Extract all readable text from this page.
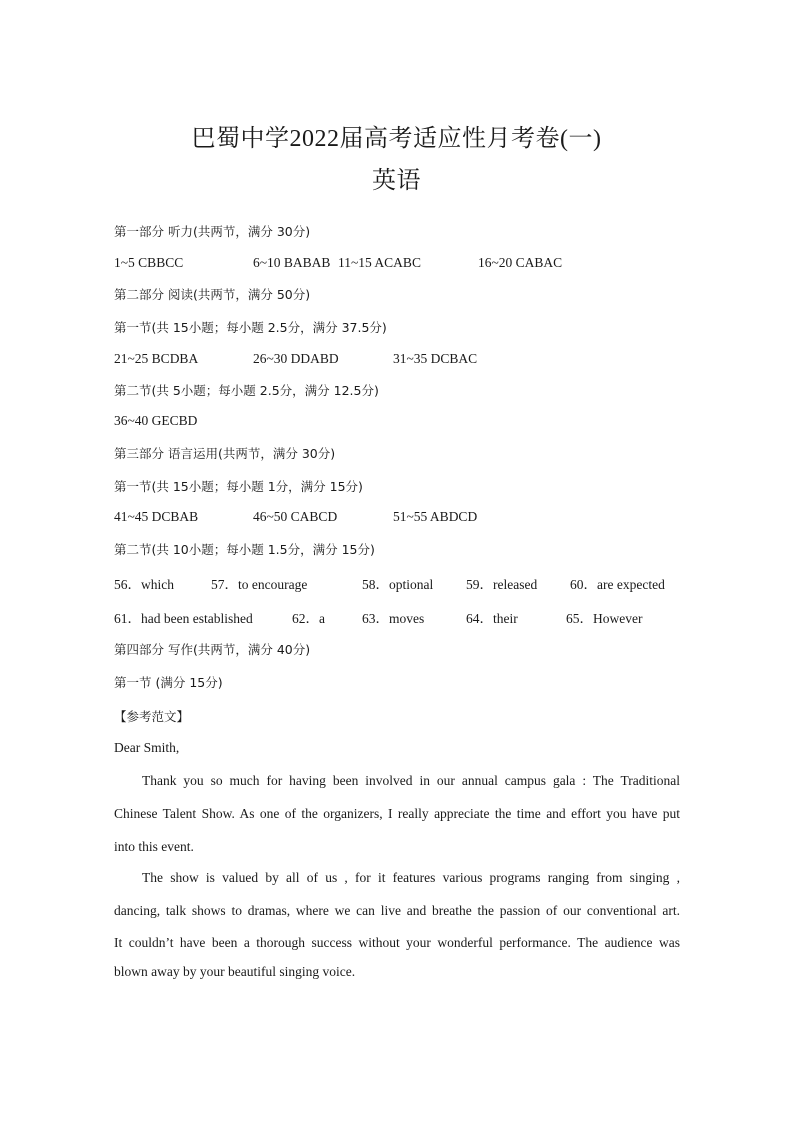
巴蜀中学2022届高考适应性月考卷(一)
英语
第一部分 听力(共两节，满分 30分)
1~5 CBBCC	6~10 BABAB 11~15 ACABC	16~20 CABAC
第二部分 阅读(共两节，满分 50分)
第一节(共 15小题；每小题 2.5分，满分 37.5分)
21~25 BCDBA	26~30 DDABD	31~35 DCBAC
第二节(共 5小题；每小题 2.5分，满分 12.5分)
36~40 GECBD
第三部分 语言运用(共两节，满分 30分)
第一节(共 15小题；每小题 1分，满分 15分)
41~45 DCBAB	46~50 CABCD	51~55 ABDCD
第二节(共 10小题；每小题 1.5分，满分 15分)
56．which	57．to encourage	58．optional 59．released 60．are expected
61．had been established	62．a	63．moves	64．their	65．However
第四部分 写作(共两节，满分 40分)
第一节 (满分 15分)
【参考范文】
Dear Smith,
Thank you so much for having been involved in our annual campus gala : The Traditional
Chinese Talent Show. As one of the organizers, I really appreciate the time and effort you have put
into this event.
The show is valued by all of us , for it features various programs ranging from singing ,
dancing, talk shows to dramas, where we can live and breathe the passion of our conventional art.
It couldn’t have been a thorough success without your wonderful performance. The audience was
blown away by your beautiful singing voice.
